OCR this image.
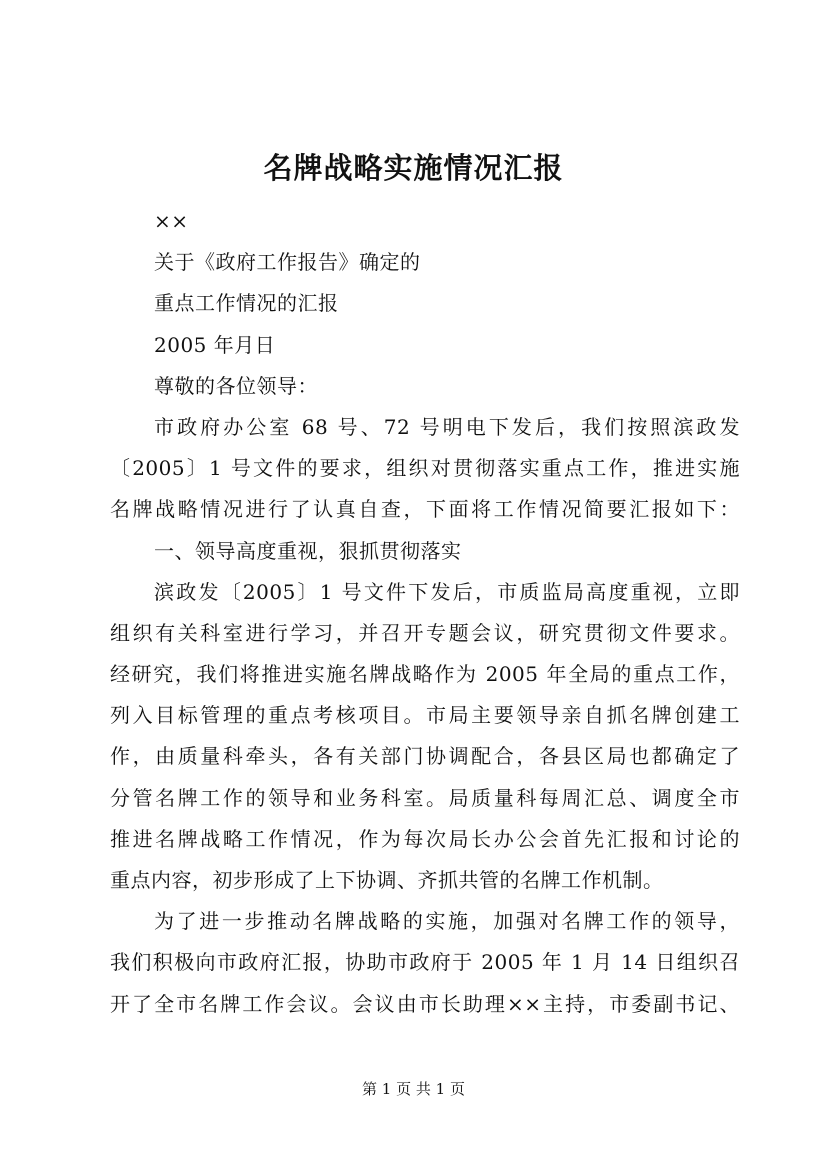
名牌战略实施情况汇报

××

关于《政府工作报告》确定的

重点工作情况的汇报

2005 年月日

尊敬的各位领导：

市政府办公室 68 号、72 号明电下发后，我们按照滨政发

〔2005〕1 号文件的要求，组织对贯彻落实重点工作，推进实施

名牌战略情况进行了认真自查，下面将工作情况简要汇报如下：

一、领导高度重视，狠抓贯彻落实

滨政发〔2005〕1 号文件下发后，市质监局高度重视，立即

组织有关科室进行学习，并召开专题会议，研究贯彻文件要求。

经研究，我们将推进实施名牌战略作为 2005 年全局的重点工作，

列入目标管理的重点考核项目。市局主要领导亲自抓名牌创建工

作，由质量科牵头，各有关部门协调配合，各县区局也都确定了

分管名牌工作的领导和业务科室。局质量科每周汇总、调度全市

推进名牌战略工作情况，作为每次局长办公会首先汇报和讨论的

重点内容，初步形成了上下协调、齐抓共管的名牌工作机制。

为了进一步推动名牌战略的实施，加强对名牌工作的领导，

我们积极向市政府汇报，协助市政府于 2005 年 1 月 14 日组织召

开了全市名牌工作会议。会议由市长助理××主持，市委副书记、

第 1 页 共 1 页
